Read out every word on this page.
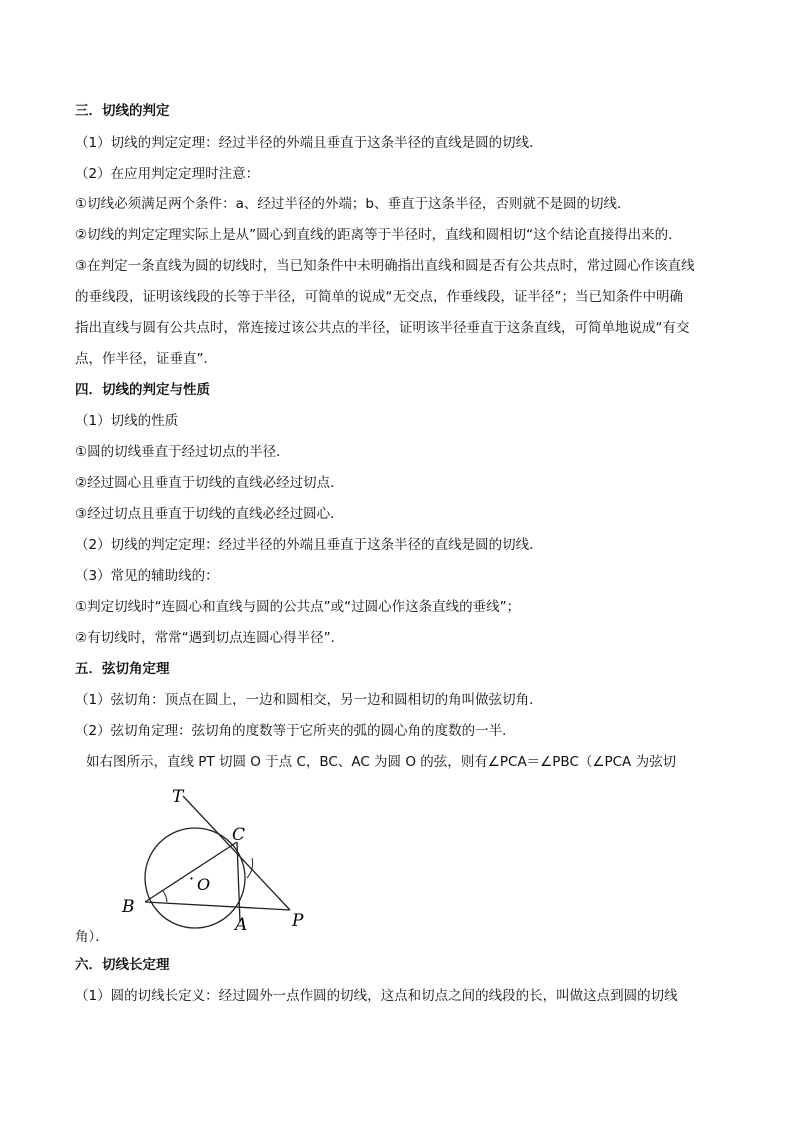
三．切线的判定
（1）切线的判定定理：经过半径的外端且垂直于这条半径的直线是圆的切线．
（2）在应用判定定理时注意：
①切线必须满足两个条件：a、经过半径的外端；b、垂直于这条半径，否则就不是圆的切线．
②切线的判定定理实际上是从”圆心到直线的距离等于半径时，直线和圆相切“这个结论直接得出来的．
③在判定一条直线为圆的切线时，当已知条件中未明确指出直线和圆是否有公共点时，常过圆心作该直线
的垂线段，证明该线段的长等于半径，可简单的说成“无交点，作垂线段，证半径”；当已知条件中明确
指出直线与圆有公共点时，常连接过该公共点的半径，证明该半径垂直于这条直线，可简单地说成“有交
点，作半径，证垂直”．
四．切线的判定与性质
（1）切线的性质
①圆的切线垂直于经过切点的半径．
②经过圆心且垂直于切线的直线必经过切点．
③经过切点且垂直于切线的直线必经过圆心．
（2）切线的判定定理：经过半径的外端且垂直于这条半径的直线是圆的切线．
（3）常见的辅助线的：
①判定切线时“连圆心和直线与圆的公共点”或“过圆心作这条直线的垂线”；
②有切线时，常常“遇到切点连圆心得半径”．
五．弦切角定理
（1）弦切角：顶点在圆上，一边和圆相交，另一边和圆相切的角叫做弦切角．
（2）弦切角定理：弦切角的度数等于它所夹的弧的圆心角的度数的一半．
如右图所示，直线 PT 切圆 O 于点 C，BC、AC 为圆 O 的弦，则有∠PCA＝∠PBC（∠PCA 为弦切
T
C
· O
B
A	P
角）．
六．切线长定理
（1）圆的切线长定义：经过圆外一点作圆的切线，这点和切点之间的线段的长，叫做这点到圆的切线
